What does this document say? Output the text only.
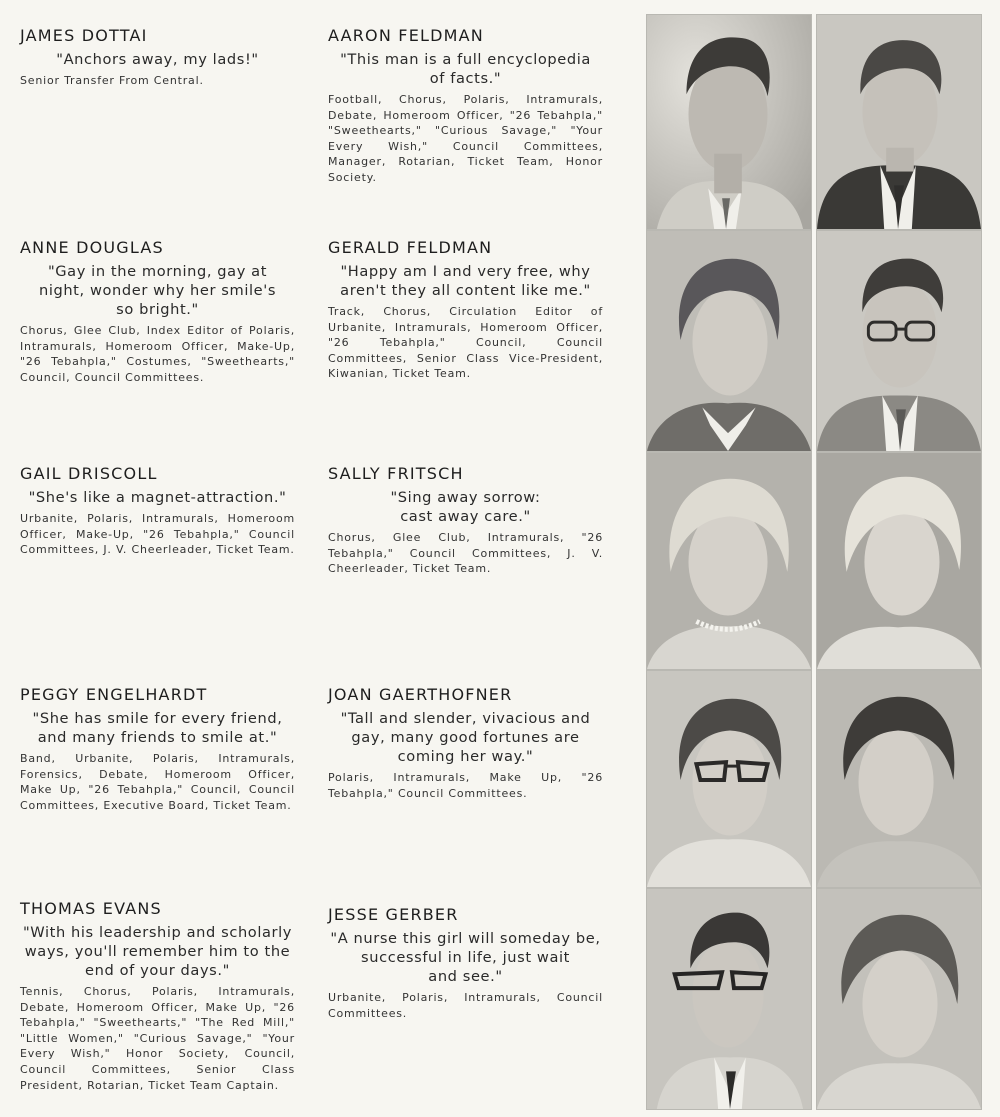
JAMES DOTTAI
"Anchors away, my lads!"
Senior Transfer From Central.
ANNE DOUGLAS
"Gay in the morning, gay at
night, wonder why her smile's
so bright."
Chorus, Glee Club, Index Editor of Polaris, Intramurals, Homeroom Officer, Make-Up, "26 Tebahpla," Costumes, "Sweethearts," Council, Council Committees.
GAIL DRISCOLL
"She's like a magnet-attraction."
Urbanite, Polaris, Intramurals, Homeroom Officer, Make-Up, "26 Tebahpla," Council Committees, J. V. Cheerleader, Ticket Team.
PEGGY ENGELHARDT
"She has smile for every friend,
and many friends to smile at."
Band, Urbanite, Polaris, Intramurals, Forensics, Debate, Homeroom Officer, Make Up, "26 Tebahpla," Council, Council Committees, Executive Board, Ticket Team.
THOMAS EVANS
"With his leadership and scholarly
ways, you'll remember him to the
end of your days."
Tennis, Chorus, Polaris, Intramurals, Debate, Homeroom Officer, Make Up, "26 Tebahpla," "Sweethearts," "The Red Mill," "Little Women," "Curious Savage," "Your Every Wish," Honor Society, Council, Council Committees, Senior Class President, Rotarian, Ticket Team Captain.
AARON FELDMAN
"This man is a full encyclopedia
of facts."
Football, Chorus, Polaris, Intramurals, Debate, Homeroom Officer, "26 Tebahpla," "Sweethearts," "Curious Savage," "Your Every Wish," Council Committees, Manager, Rotarian, Ticket Team, Honor Society.
GERALD FELDMAN
"Happy am I and very free, why
aren't they all content like me."
Track, Chorus, Circulation Editor of Urbanite, Intramurals, Homeroom Officer, "26 Tebahpla," Council, Council Committees, Senior Class Vice-President, Kiwanian, Ticket Team.
SALLY FRITSCH
"Sing away sorrow:
cast away care."
Chorus, Glee Club, Intramurals, "26 Tebahpla," Council Committees, J. V. Cheerleader, Ticket Team.
JOAN GAERTHOFNER
"Tall and slender, vivacious and
gay, many good fortunes are
coming her way."
Polaris, Intramurals, Make Up, "26 Tebahpla," Council Committees.
JESSE GERBER
"A nurse this girl will someday be,
successful in life, just wait
and see."
Urbanite, Polaris, Intramurals, Council Committees.
